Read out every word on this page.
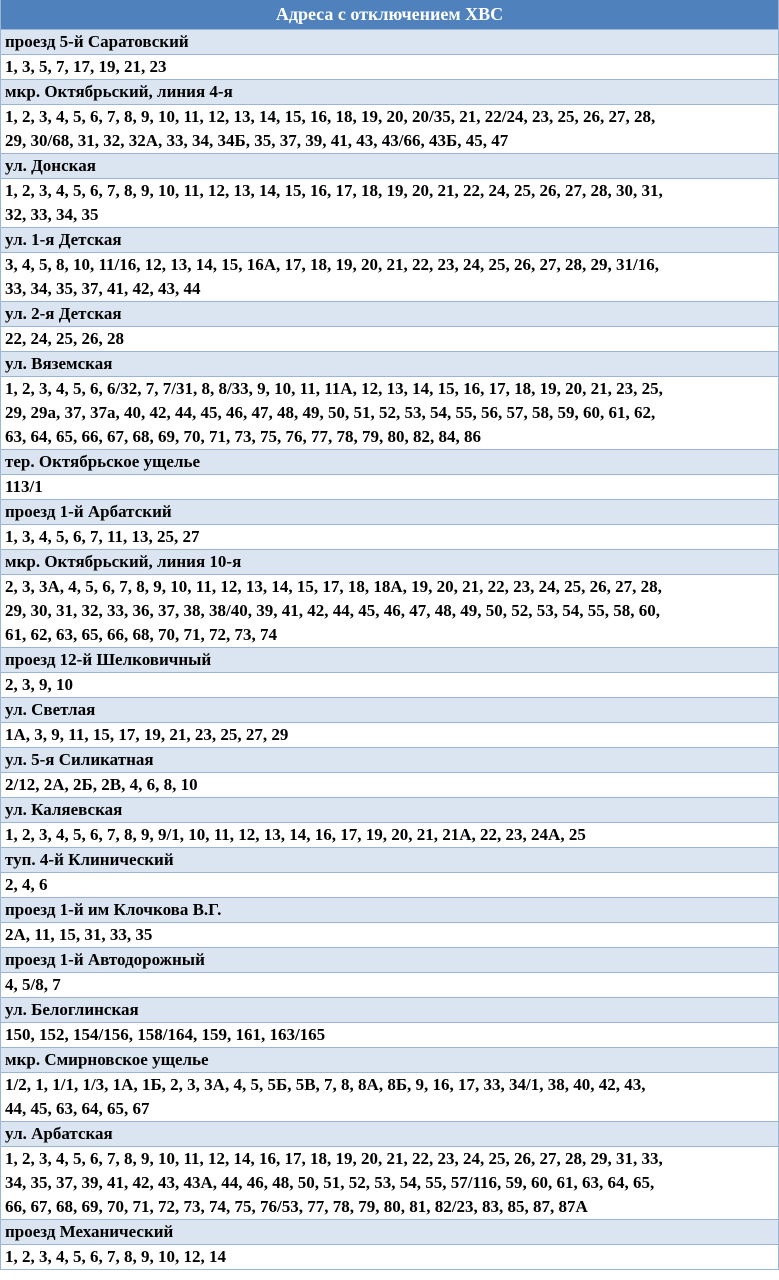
Адреса с отключением ХВС
проезд 5-й Саратовский
1, 3, 5, 7, 17, 19, 21, 23
мкр. Октябрьский, линия 4-я
1, 2, 3, 4, 5, 6, 7, 8, 9, 10, 11, 12, 13, 14, 15, 16, 18, 19, 20, 20/35, 21, 22/24, 23, 25, 26, 27, 28,
29, 30/68, 31, 32, 32А, 33, 34, 34Б, 35, 37, 39, 41, 43, 43/66, 43Б, 45, 47
ул. Донская
1, 2, 3, 4, 5, 6, 7, 8, 9, 10, 11, 12, 13, 14, 15, 16, 17, 18, 19, 20, 21, 22, 24, 25, 26, 27, 28, 30, 31,
32, 33, 34, 35
ул. 1-я Детская
3, 4, 5, 8, 10, 11/16, 12, 13, 14, 15, 16А, 17, 18, 19, 20, 21, 22, 23, 24, 25, 26, 27, 28, 29, 31/16,
33, 34, 35, 37, 41, 42, 43, 44
ул. 2-я Детская
22, 24, 25, 26, 28
ул. Вяземская
1, 2, 3, 4, 5, 6, 6/32, 7, 7/31, 8, 8/33, 9, 10, 11, 11А, 12, 13, 14, 15, 16, 17, 18, 19, 20, 21, 23, 25,
29, 29а, 37, 37а, 40, 42, 44, 45, 46, 47, 48, 49, 50, 51, 52, 53, 54, 55, 56, 57, 58, 59, 60, 61, 62,
63, 64, 65, 66, 67, 68, 69, 70, 71, 73, 75, 76, 77, 78, 79, 80, 82, 84, 86
тер. Октябрьское ущелье
113/1
проезд 1-й Арбатский
1, 3, 4, 5, 6, 7, 11, 13, 25, 27
мкр. Октябрьский, линия 10-я
2, 3, 3А, 4, 5, 6, 7, 8, 9, 10, 11, 12, 13, 14, 15, 17, 18, 18А, 19, 20, 21, 22, 23, 24, 25, 26, 27, 28,
29, 30, 31, 32, 33, 36, 37, 38, 38/40, 39, 41, 42, 44, 45, 46, 47, 48, 49, 50, 52, 53, 54, 55, 58, 60,
61, 62, 63, 65, 66, 68, 70, 71, 72, 73, 74
проезд 12-й Шелковичный
2, 3, 9, 10
ул. Светлая
1А, 3, 9, 11, 15, 17, 19, 21, 23, 25, 27, 29
ул. 5-я Силикатная
2/12, 2А, 2Б, 2В, 4, 6, 8, 10
ул. Каляевская
1, 2, 3, 4, 5, 6, 7, 8, 9, 9/1, 10, 11, 12, 13, 14, 16, 17, 19, 20, 21, 21А, 22, 23, 24А, 25
туп. 4-й Клинический
2, 4, 6
проезд 1-й им Клочкова В.Г.
2А, 11, 15, 31, 33, 35
проезд 1-й Автодорожный
4, 5/8, 7
ул. Белоглинская
150, 152, 154/156, 158/164, 159, 161, 163/165
мкр. Смирновское ущелье
1/2, 1, 1/1, 1/3, 1А, 1Б, 2, 3, 3А, 4, 5, 5Б, 5В, 7, 8, 8А, 8Б, 9, 16, 17, 33, 34/1, 38, 40, 42, 43,
44, 45, 63, 64, 65, 67
ул. Арбатская
1, 2, 3, 4, 5, 6, 7, 8, 9, 10, 11, 12, 14, 16, 17, 18, 19, 20, 21, 22, 23, 24, 25, 26, 27, 28, 29, 31, 33,
34, 35, 37, 39, 41, 42, 43, 43А, 44, 46, 48, 50, 51, 52, 53, 54, 55, 57/116, 59, 60, 61, 63, 64, 65,
66, 67, 68, 69, 70, 71, 72, 73, 74, 75, 76/53, 77, 78, 79, 80, 81, 82/23, 83, 85, 87, 87А
проезд Механический
1, 2, 3, 4, 5, 6, 7, 8, 9, 10, 12, 14
